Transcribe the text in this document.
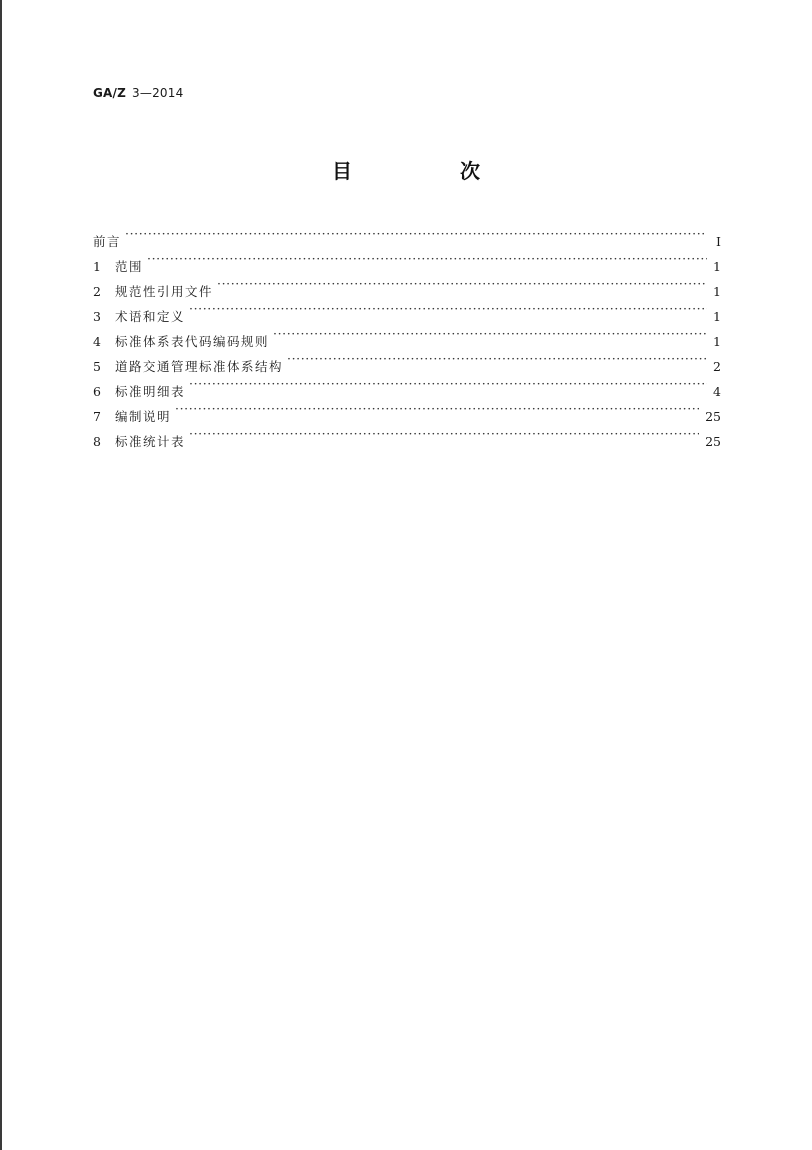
GA/Z 3—2014
目　次
前言 ·····	Ⅰ
1	范围 ·····	1
2	规范性引用文件 ·····	1
3	术语和定义 ·····	1
4	标准体系表代码编码规则 ·····	1
5	道路交通管理标准体系结构 ·····	2
6	标准明细表 ·····	4
7	编制说明 ·····	25
8	标准统计表 ·····	25
